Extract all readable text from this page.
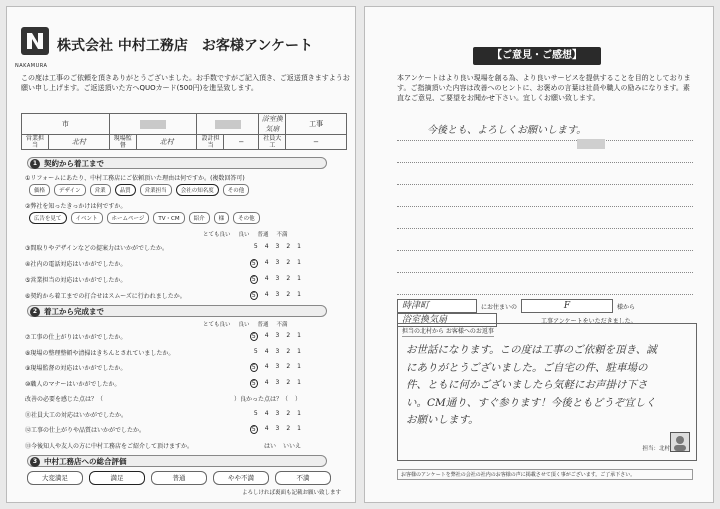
NAKAMURA
株式会社 中村工務店　お客様アンケート
この度は工事のご依頼を頂きありがとうございました。お手数ですがご記入頂き、ご返送頂きますようお願い申し上げます。ご返送頂いた方へQUOカード(500円)を進呈致します。
市						浴室換気扇	工事
営業担当	北村	現場監督	北村	設計担当	−	社員大工	−
1 契約から着工まで
①リフォームにあたり、中村工務店にご依頼頂いた理由は何ですか。(複数回答可)
価格	デザイン	営業	品質	営業担当	会社の知名度	その他
②弊社を知ったきっかけは何ですか。
広告を見て	イベント	ホームページ	TV・CM	紹介	様	その他
とても良い 良い 普通 不満
③間取りやデザインなどの提案力はいかがでしたか。	5 4 3 2 1
④社内の電話対応はいかがでしたか。	5	4 3 2 1
⑤営業担当の対応はいかがでしたか。	5	4 3 2 1
⑥契約から着工までの打合せはスムーズに行われましたか。	5	4 3 2 1
2 着工から完成まで
とても良い 良い 普通 不満
⑦工事の仕上がりはいかがでしたか。	5	4 3 2 1
⑧現場の整理整頓や清掃はきちんとされていましたか。	5 4 3 2 1
⑨現場監督の対応はいかがでしたか。	5	4 3 2 1
⑩職人のマナーはいかがでしたか。	5	4 3 2 1
改善の必要を感じた点は？（	）良かった点は？（ ）
⑪社員大工の対応はいかがでしたか。	5 4 3 2 1
⑫工事の仕上がりや品質はいかがでしたか。	5	4 3 2 1
⑬今後知人や友人の方に中村工務店をご紹介して頂けますか。	はい いいえ
3 中村工務店への総合評価
大変満足	満足	普通	やや不満	不満
よろしければ裏面も記載お願い致します
【ご意見・ご感想】
本アンケートはより良い現場を創る為、より良いサービスを提供することを目的としております。ご指摘頂いた内容は改善へのヒントに、お褒めの言葉は社員や職人の励みになります。素直なご意見、ご要望をお聞かせ下さい。宜しくお願い致します。
今後とも、よろしくお願いします。
時津町	にお住まいの	F	様から
浴室換気扇	工事アンケートをいただきました。
担当の北村から お客様へのお返事
お世話になります。この度は工事のご依頼を頂き、誠にありがとうございました。ご自宅の件、駐車場の件、ともに何かございましたら気軽にお声掛け下さい。CM通り、すぐ参ります！今後ともどうぞ宜しくお願いします。
担当：北村
お客様のアンケートを弊社の会社の社内のお客様の声に掲載させて頂く事がございます。ご了承下さい。
